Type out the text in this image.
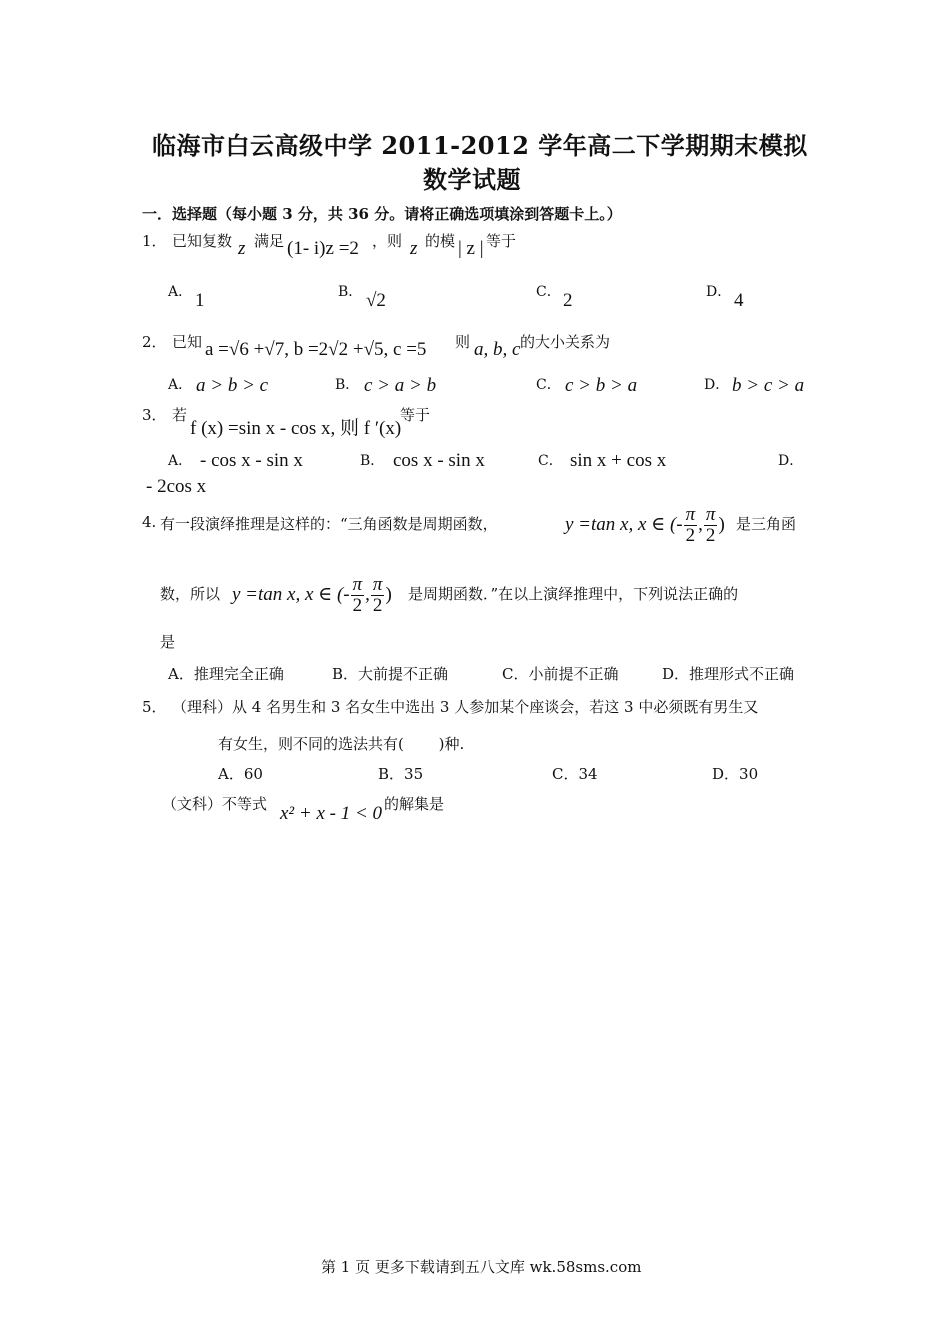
临海市白云高级中学 2011-2012 学年高二下学期期末模拟
数学试题
一．选择题（每小题 3 分，共 36 分。请将正确选项填涂到答题卡上。）
1． 已知复数 z 满足 (1- i)z =2 ，则 z 的模 | z | 等于
A． 1	B． √2	C． 2	D． 4
2． 已知 a =√6 +√7, b =2√2 +√5, c =5 则 a, b, c 的大小关系为
A． a > b > c	B． c > a > b	C． c > b > a	D． b > c > a
3． 若
f (x) =sin x - cos x, 则 f ′(x)
等于
A． - cos x - sin x	B． cos x - sin x	C． sin x + cos x	D．
- 2cos x
4. 有一段演绎推理是这样的：“三角函数是周期函数，	y =tan x, x ∈ (- $\frac{\pi}{2}$ , $\frac{\pi}{2}$ ) 是三角函
数，所以 y =tan x, x ∈ (- $\frac{\pi}{2}$ , $\frac{\pi}{2}$ ) 是周期函数．”在以上演绎推理中，下列说法正确的
是
A．推理完全正确	B．大前提不正确	C．小前提不正确	D．推理形式不正确
5． （理科）从 4 名男生和 3 名女生中选出 3 人参加某个座谈会，若这 3 中必须既有男生又
有女生，则不同的选法共有(　　 )种.
A．60	B．35	C．34	D．30
（文科）不等式 x² + x - 1 < 0 的解集是
第 1 页 更多下载请到五八文库 wk.58sms.com
